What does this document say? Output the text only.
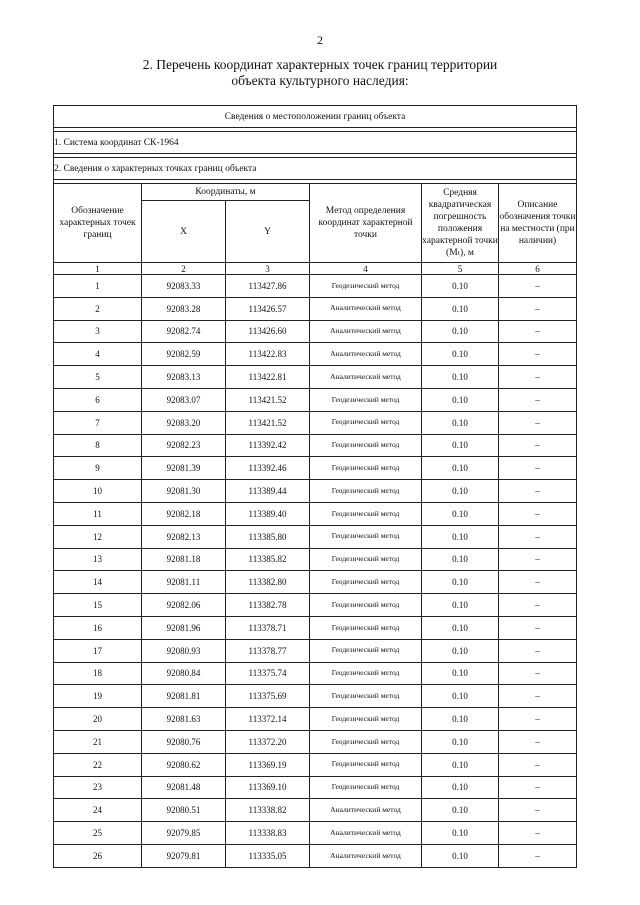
2
2. Перечень координат характерных точек границ территории
объекта культурного наследия:
Сведения о местоположении границ объекта					

1. Система координат СК-1964					

2. Сведения о характерных точках границ объекта					

Обозначение характерных точек границ	Координаты, м		Метод определения координат характерной точки	Средняя квадратическая погрешность положения характерной точки (Mₜ), м	Описание обозначения точки на местности (при наличии)

	X	Y			
1	2	3	4	5	6
1	92083.33	113427.86	Геодезический метод	0.10	–
2	92083.28	113426.57	Аналитический метод	0.10	–
3	92082.74	113426.60	Аналитический метод	0.10	–
4	92082.59	113422.83	Аналитический метод	0.10	–
5	92083.13	113422.81	Аналитический метод	0.10	–
6	92083.07	113421.52	Геодезический метод	0.10	–
7	92083.20	113421.52	Геодезический метод	0.10	–
8	92082.23	113392.42	Геодезический метод	0.10	–
9	92081.39	113392.46	Геодезический метод	0.10	–
10	92081.30	113389.44	Геодезический метод	0.10	–
11	92082.18	113389.40	Геодезический метод	0.10	–
12	92082.13	113385.80	Геодезический метод	0.10	–
13	92081.18	113385.82	Геодезический метод	0.10	–
14	92081.11	113382.80	Геодезический метод	0.10	–
15	92082.06	113382.78	Геодезический метод	0.10	–
16	92081.96	113378.71	Геодезический метод	0.10	–
17	92080.93	113378.77	Геодезический метод	0.10	–
18	92080.84	113375.74	Геодезический метод	0.10	–
19	92081.81	113375.69	Геодезический метод	0.10	–
20	92081.63	113372.14	Геодезический метод	0.10	–
21	92080.76	113372.20	Геодезический метод	0.10	–
22	92080.62	113369.19	Геодезический метод	0.10	–
23	92081.48	113369.10	Геодезический метод	0.10	–
24	92080.51	113338.82	Аналитический метод	0.10	–
25	92079.85	113338.83	Аналитический метод	0.10	–
26	92079.81	113335.05	Аналитический метод	0.10	–
